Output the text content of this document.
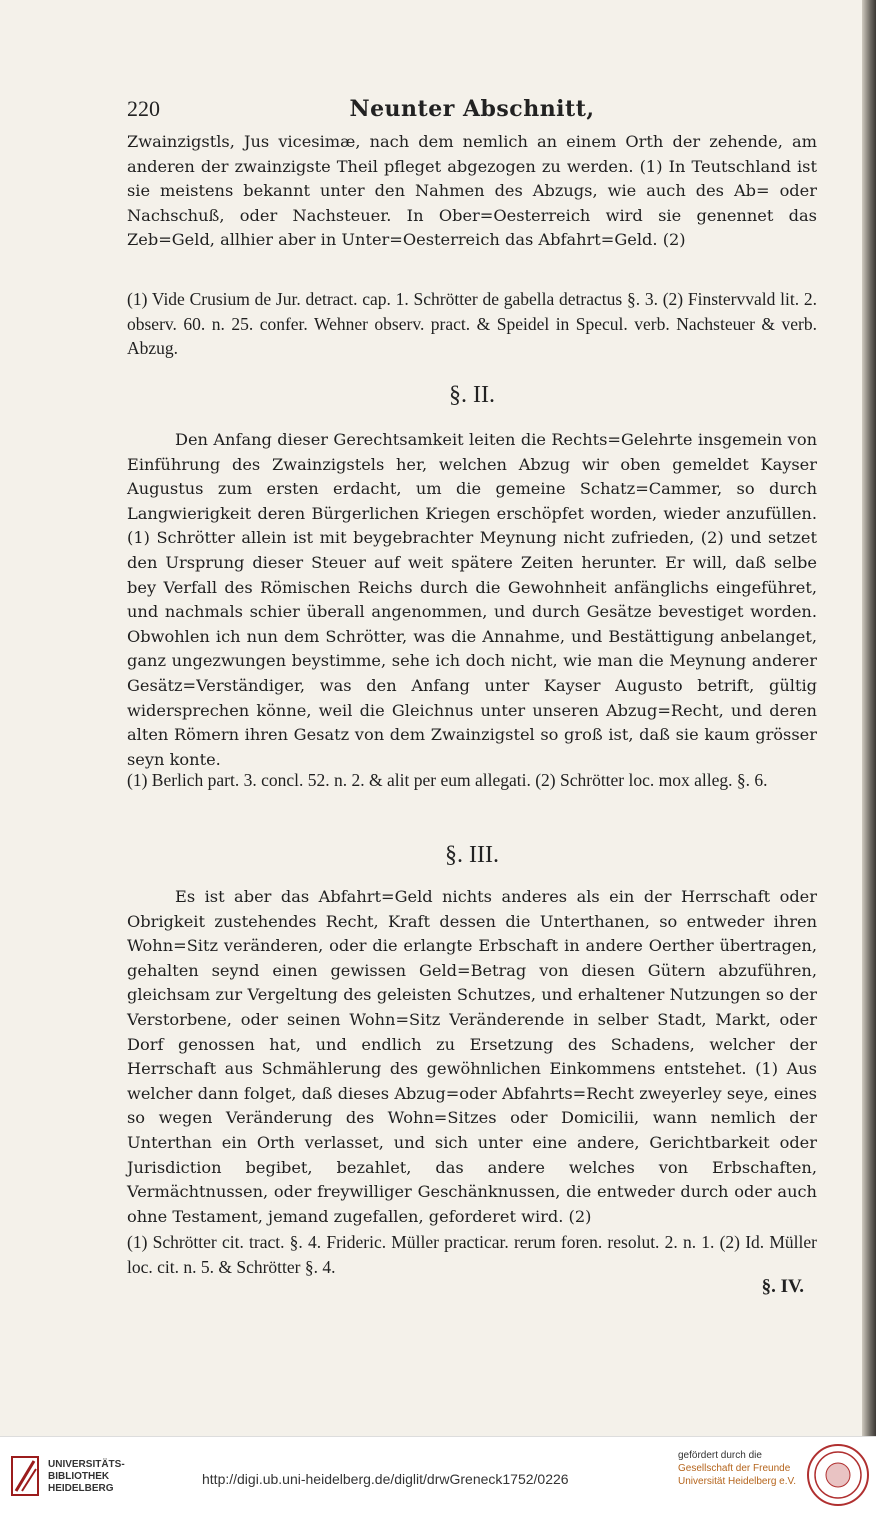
220	Neunter Abschnitt,

Zwainzigstls, Jus vicesimæ, nach dem nemlich an einem Orth der zehende, am anderen der zwainzigste Theil pfleget abgezogen zu werden. (1) In Teutschland ist sie meistens bekannt unter den Nahmen des Abzugs, wie auch des Ab= oder Nachschuß, oder Nachsteuer. In Ober=Oesterreich wird sie genennet das Zeb=Geld, allhier aber in Unter=Oesterreich das Abfahrt=Geld. (2)

(1) Vide Crusium de Jur. detract. cap. 1. Schrötter de gabella detractus §. 3. (2) Finstervvald lit. 2. observ. 60. n. 25. confer. Wehner observ. pract. & Speidel in Specul. verb. Nachsteuer & verb. Abzug.

§. II.

Den Anfang dieser Gerechtsamkeit leiten die Rechts=Gelehrte insgemein von Einführung des Zwainzigstels her, welchen Abzug wir oben gemeldet Kayser Augustus zum ersten erdacht, um die gemeine Schatz=Cammer, so durch Langwierigkeit deren Bürgerlichen Kriegen erschöpfet worden, wieder anzufüllen. (1) Schrötter allein ist mit beygebrachter Meynung nicht zufrieden, (2) und setzet den Ursprung dieser Steuer auf weit spätere Zeiten herunter. Er will, daß selbe bey Verfall des Römischen Reichs durch die Gewohnheit anfänglichs eingeführet, und nachmals schier überall angenommen, und durch Gesätze bevestiget worden. Obwohlen ich nun dem Schrötter, was die Annahme, und Bestättigung anbelanget, ganz ungezwungen beystimme, sehe ich doch nicht, wie man die Meynung anderer Gesätz=Verständiger, was den Anfang unter Kayser Augusto betrift, gültig widersprechen könne, weil die Gleichnus unter unseren Abzug=Recht, und deren alten Römern ihren Gesatz von dem Zwainzigstel so groß ist, daß sie kaum grösser seyn konte.

(1) Berlich part. 3. concl. 52. n. 2. & alit per eum allegati. (2) Schrötter loc. mox alleg. §. 6.

§. III.

Es ist aber das Abfahrt=Geld nichts anderes als ein der Herrschaft oder Obrigkeit zustehendes Recht, Kraft dessen die Unterthanen, so entweder ihren Wohn=Sitz veränderen, oder die erlangte Erbschaft in andere Oerther übertragen, gehalten seynd einen gewissen Geld=Betrag von diesen Gütern abzuführen, gleichsam zur Vergeltung des geleisten Schutzes, und erhaltener Nutzungen so der Verstorbene, oder seinen Wohn=Sitz Veränderende in selber Stadt, Markt, oder Dorf genossen hat, und endlich zu Ersetzung des Schadens, welcher der Herrschaft aus Schmählerung des gewöhnlichen Einkommens entstehet. (1) Aus welcher dann folget, daß dieses Abzug=oder Abfahrts=Recht zweyerley seye, eines so wegen Veränderung des Wohn=Sitzes oder Domicilii, wann nemlich der Unterthan ein Orth verlasset, und sich unter eine andere, Gerichtbarkeit oder Jurisdiction begibet, bezahlet, das andere welches von Erbschaften, Vermächtnussen, oder freywilliger Geschänknussen, die entweder durch oder auch ohne Testament, jemand zugefallen, geforderet wird. (2)

(1) Schrötter cit. tract. §. 4. Frideric. Müller practicar. rerum foren. resolut. 2. n. 1. (2) Id. Müller loc. cit. n. 5. & Schrötter §. 4.

§. IV.
UNIVERSITÄTS-
BIBLIOTHEK
HEIDELBERG
http://digi.ub.uni-heidelberg.de/diglit/drwGreneck1752/0226
gefördert durch die
Gesellschaft der Freunde
Universität Heidelberg e.V.
